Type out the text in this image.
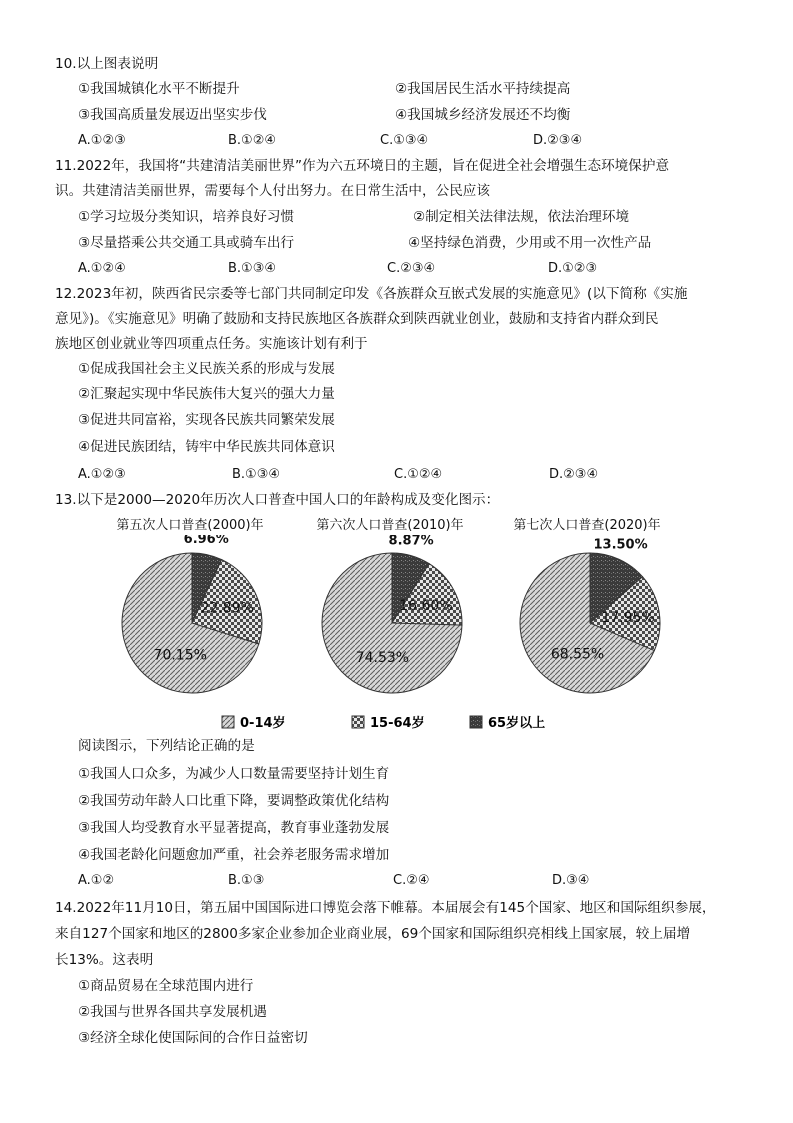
10.以上图表说明
①我国城镇化水平不断提升	②我国居民生活水平持续提高
③我国高质量发展迈出坚实步伐	④我国城乡经济发展还不均衡
A.①②③	B.①②④	C.①③④	D.②③④
11.2022年，我国将“共建清洁美丽世界”作为六五环境日的主题，旨在促进全社会增强生态环境保护意
识。共建清洁美丽世界，需要每个人付出努力。在日常生活中，公民应该
①学习垃圾分类知识，培养良好习惯	②制定相关法律法规，依法治理环境
③尽量搭乘公共交通工具或骑车出行	④坚持绿色消费，少用或不用一次性产品
A.①②④	B.①③④	C.②③④	D.①②③
12.2023年初，陕西省民宗委等七部门共同制定印发《各族群众互嵌式发展的实施意见》(以下简称《实施
意见》)。《实施意见》明确了鼓励和支持民族地区各族群众到陕西就业创业，鼓励和支持省内群众到民
族地区创业就业等四项重点任务。实施该计划有利于
①促成我国社会主义民族关系的形成与发展
②汇聚起实现中华民族伟大复兴的强大力量
③促进共同富裕，实现各民族共同繁荣发展
④促进民族团结，铸牢中华民族共同体意识
A.①②③	B.①③④	C.①②④	D.②③④
13.以下是2000—2020年历次人口普查中国人口的年龄构成及变化图示：
第五次人口普查(2000)年	第六次人口普查(2010)年	第七次人口普查(2020)年
6.96%
22.89%
70.15%
8.87%
16.60%
74.53%
13.50%
17.95%
68.55%
0-14岁	15-64岁	65岁以上
阅读图示，下列结论正确的是
①我国人口众多，为减少人口数量需要坚持计划生育
②我国劳动年龄人口比重下降，要调整政策优化结构
③我国人均受教育水平显著提高，教育事业蓬勃发展
④我国老龄化问题愈加严重，社会养老服务需求增加
A.①②	B.①③	C.②④	D.③④
14.2022年11月10日，第五届中国国际进口博览会落下帷幕。本届展会有145个国家、地区和国际组织参展，
来自127个国家和地区的2800多家企业参加企业商业展，69个国家和国际组织亮相线上国家展，较上届增
长13%。这表明
①商品贸易在全球范围内进行
②我国与世界各国共享发展机遇
③经济全球化使国际间的合作日益密切
